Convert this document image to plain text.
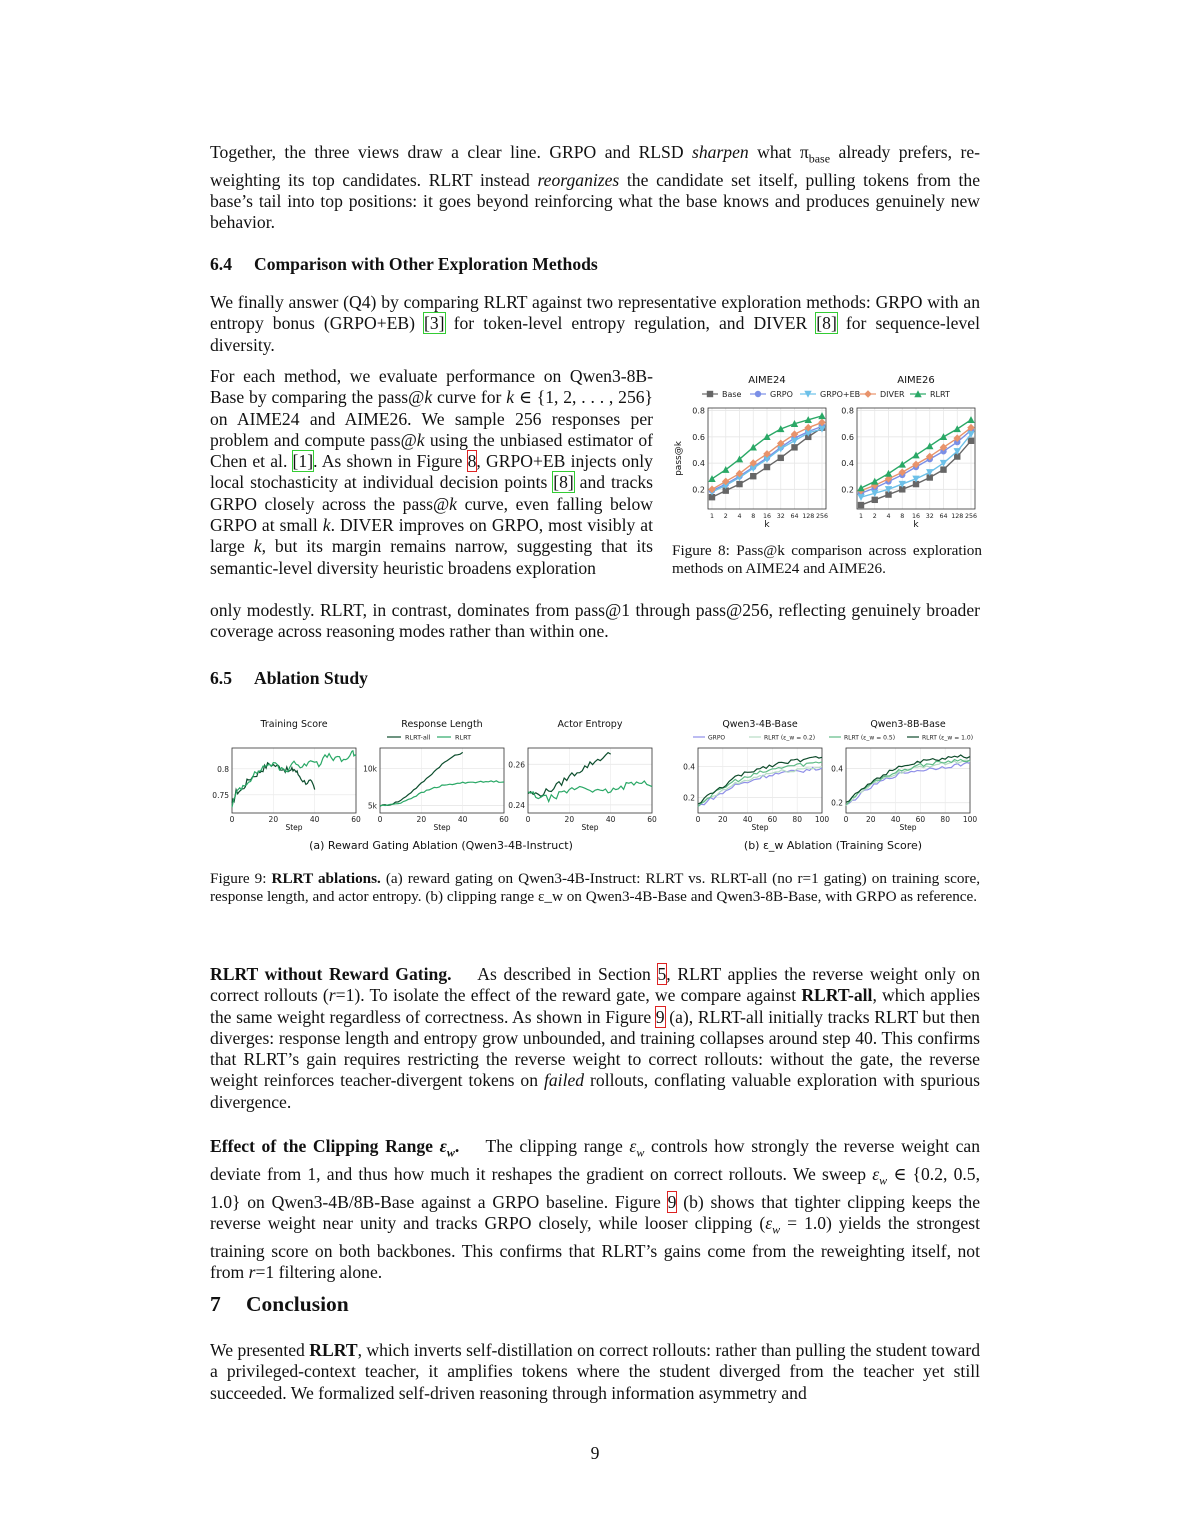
Together, the three views draw a clear line. GRPO and RLSD sharpen what $\pi_{base}$ already prefers, re-weighting its top candidates. RLRT instead reorganizes the candidate set itself, pulling tokens from the base’s tail into top positions: it goes beyond reinforcing what the base knows and produces genuinely new behavior.

6.4 Comparison with Other Exploration Methods

We finally answer (Q4) by comparing RLRT against two representative exploration methods: GRPO with an entropy bonus (GRPO+EB) [3] for token-level entropy regulation, and DIVER [8] for sequence-level diversity.

For each method, we evaluate performance on Qwen3-8B-Base by comparing the pass@k curve for k ∈ {1, 2, . . . , 256} on AIME24 and AIME26. We sample 256 responses per problem and compute pass@k using the unbiased estimator of Chen et al. [1]. As shown in Figure 8, GRPO+EB injects only local stochasticity at individual decision points [8] and tracks GRPO closely across the pass@k curve, even falling below GRPO at small k. DIVER improves on GRPO, most visibly at large k, but its margin remains narrow, suggesting that its semantic-level diversity heuristic broadens exploration

only modestly. RLRT, in contrast, dominates from pass@1 through pass@256, reflecting genuinely broader coverage across reasoning modes rather than within one.

Figure 8: Pass@k comparison across exploration methods on AIME24 and AIME26.

6.5 Ablation Study

Figure 9: RLRT ablations. (a) reward gating on Qwen3-4B-Instruct: RLRT vs. RLRT-all (no r=1 gating) on training score, response length, and actor entropy. (b) clipping range ε_w on Qwen3-4B-Base and Qwen3-8B-Base, with GRPO as reference.

RLRT without Reward Gating.    As described in Section 5, RLRT applies the reverse weight only on correct rollouts (r=1). To isolate the effect of the reward gate, we compare against RLRT-all, which applies the same weight regardless of correctness. As shown in Figure 9 (a), RLRT-all initially tracks RLRT but then diverges: response length and entropy grow unbounded, and training collapses around step 40. This confirms that RLRT’s gain requires restricting the reverse weight to correct rollouts: without the gate, the reverse weight reinforces teacher-divergent tokens on failed rollouts, conflating valuable exploration with spurious divergence.

Effect of the Clipping Range $\varepsilon_w$.    The clipping range $\varepsilon_w$ controls how strongly the reverse weight can deviate from 1, and thus how much it reshapes the gradient on correct rollouts. We sweep $\varepsilon_w$ ∈ {0.2, 0.5, 1.0} on Qwen3-4B/8B-Base against a GRPO baseline. Figure 9 (b) shows that tighter clipping keeps the reverse weight near unity and tracks GRPO closely, while looser clipping $(\varepsilon_w = 1.0)$ yields the strongest training score on both backbones. This confirms that RLRT’s gains come from the reweighting itself, not from r=1 filtering alone.

7 Conclusion

We presented RLRT, which inverts self-distillation on correct rollouts: rather than pulling the student toward a privileged-context teacher, it amplifies tokens where the student diverged from the teacher yet still succeeded. We formalized self-driven reasoning through information asymmetry and

Base	GRPO	GRPO+EB DIVER	RLRT
AIME24
0.2
0.4
0.6
0.8
1 2 4 8 16 32 64 128 256
k
pass@k
AIME26
0.2
0.4
0.6
0.8
1 2 4 8 16 32 64 128 256
k
Training Score
0.75
0.8
0	20	40	60
Step
Response Length
5k
10k
0	20	40	60
Step
Actor Entropy
0.24
0.26
0	20	40	60
Step
Qwen3-4B-Base
0.2
0.4
0 20 40 60 80 100
Step
Qwen3-8B-Base
0.2
0.4
0 20 40 60 80 100
Step
RLRT-all	RLRT	GRPO	RLRT (ε_w = 0.2)	RLRT (ε_w = 0.5)	RLRT (ε_w = 1.0)
(a) Reward Gating Ablation (Qwen3-4B-Instruct)	(b) ε_w Ablation (Training Score)
9
